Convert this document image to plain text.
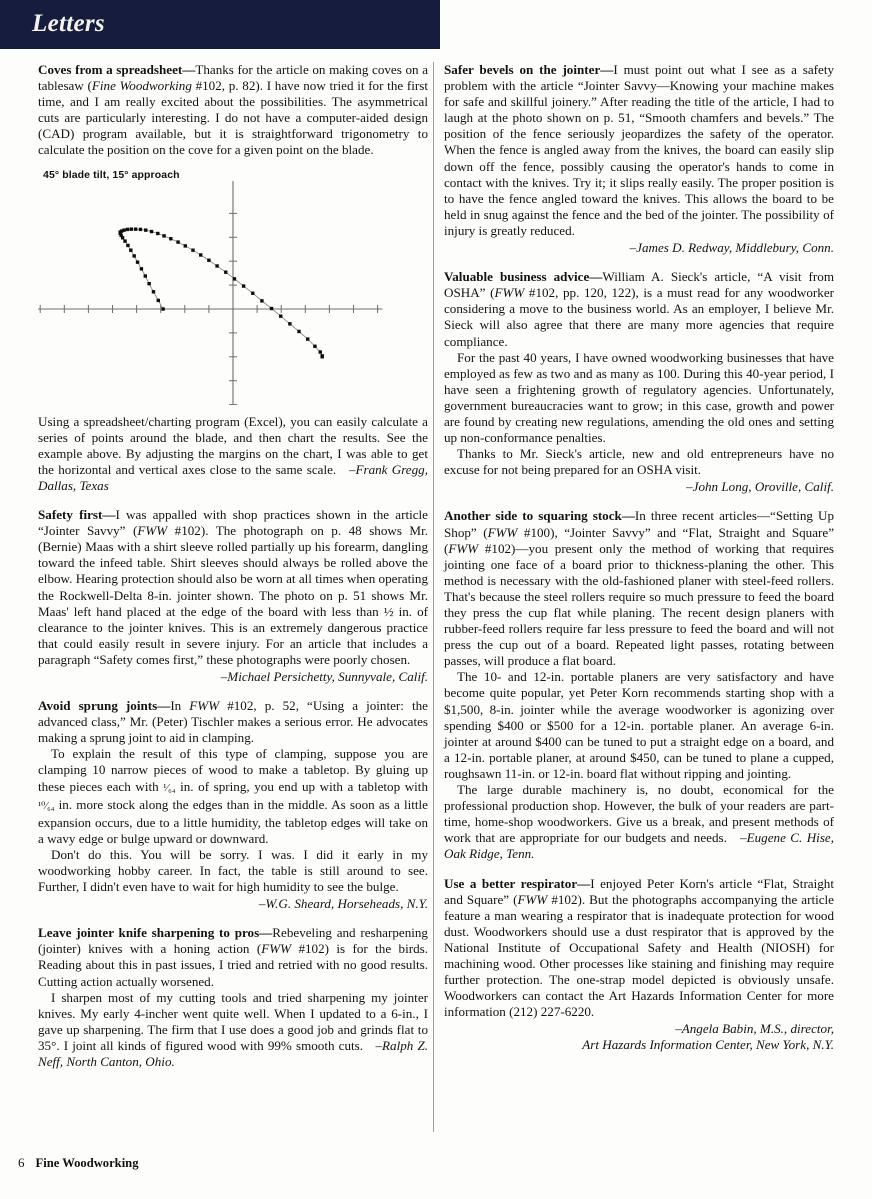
Letters

Coves from a spreadsheet—Thanks for the article on making coves on a tablesaw (Fine Woodworking #102, p. 82). I have now tried it for the first time, and I am really excited about the possibilities. The asymmetrical cuts are particularly interesting. I do not have a computer-aided design (CAD) program available, but it is straightforward trigonometry to calculate the position on the cove for a given point on the blade.

45° blade tilt, 15° approach

Using a spreadsheet/charting program (Excel), you can easily calculate a series of points around the blade, and then chart the results. See the example above. By adjusting the margins on the chart, I was able to get the horizontal and vertical axes close to the same scale.   –Frank Gregg, Dallas, Texas

Safety first—I was appalled with shop practices shown in the article “Jointer Savvy” (FWW #102). The photograph on p. 48 shows Mr. (Bernie) Maas with a shirt sleeve rolled partially up his forearm, dangling toward the infeed table. Shirt sleeves should always be rolled above the elbow. Hearing protection should also be worn at all times when operating the Rockwell-Delta 8-in. jointer shown. The photo on p. 51 shows Mr. Maas' left hand placed at the edge of the board with less than ½ in. of clearance to the jointer knives. This is an extremely dangerous practice that could easily result in severe injury. For an article that includes a paragraph “Safety comes first,” these photographs were poorly chosen.
–Michael Persichetty, Sunnyvale, Calif.

Avoid sprung joints—In FWW #102, p. 52, “Using a jointer: the advanced class,” Mr. (Peter) Tischler makes a serious error. He advocates making a sprung joint to aid in clamping.

To explain the result of this type of clamping, suppose you are clamping 10 narrow pieces of wood to make a tabletop. By gluing up these pieces each with ¹⁄₆₄ in. of spring, you end up with a tabletop with ¹⁰⁄₆₄ in. more stock along the edges than in the middle. As soon as a little expansion occurs, due to a little humidity, the tabletop edges will take on a wavy edge or bulge upward or downward.

Don't do this. You will be sorry. I was. I did it early in my woodworking hobby career. In fact, the table is still around to see. Further, I didn't even have to wait for high humidity to see the bulge.
–W.G. Sheard, Horseheads, N.Y.

Leave jointer knife sharpening to pros—Rebeveling and resharpening (jointer) knives with a honing action (FWW #102) is for the birds. Reading about this in past issues, I tried and retried with no good results. Cutting action actually worsened.

I sharpen most of my cutting tools and tried sharpening my jointer knives. My early 4-incher went quite well. When I updated to a 6-in., I gave up sharpening. The firm that I use does a good job and grinds flat to 35°. I joint all kinds of figured wood with 99% smooth cuts.   –Ralph Z. Neff, North Canton, Ohio.

Safer bevels on the jointer—I must point out what I see as a safety problem with the article “Jointer Savvy—Knowing your machine makes for safe and skillful joinery.” After reading the title of the article, I had to laugh at the photo shown on p. 51, “Smooth chamfers and bevels.” The position of the fence seriously jeopardizes the safety of the operator. When the fence is angled away from the knives, the board can easily slip down off the fence, possibly causing the operator's hands to come in contact with the knives. Try it; it slips really easily. The proper position is to have the fence angled toward the knives. This allows the board to be held in snug against the fence and the bed of the jointer. The possibility of injury is greatly reduced.
–James D. Redway, Middlebury, Conn.

Valuable business advice—William A. Sieck's article, “A visit from OSHA” (FWW #102, pp. 120, 122), is a must read for any woodworker considering a move to the business world. As an employer, I believe Mr. Sieck will also agree that there are many more agencies that require compliance.

For the past 40 years, I have owned woodworking businesses that have employed as few as two and as many as 100. During this 40-year period, I have seen a frightening growth of regulatory agencies. Unfortunately, government bureaucracies want to grow; in this case, growth and power are found by creating new regulations, amending the old ones and setting up non-conformance penalties.

Thanks to Mr. Sieck's article, new and old entrepreneurs have no excuse for not being prepared for an OSHA visit.
–John Long, Oroville, Calif.

Another side to squaring stock—In three recent articles—“Setting Up Shop” (FWW #100), “Jointer Savvy” and “Flat, Straight and Square” (FWW #102)—you present only the method of working that requires jointing one face of a board prior to thickness-planing the other. This method is necessary with the old-fashioned planer with steel-feed rollers. That's because the steel rollers require so much pressure to feed the board they press the cup flat while planing. The recent design planers with rubber-feed rollers require far less pressure to feed the board and will not press the cup out of a board. Repeated light passes, rotating between passes, will produce a flat board.

The 10- and 12-in. portable planers are very satisfactory and have become quite popular, yet Peter Korn recommends starting shop with a $1,500, 8-in. jointer while the average woodworker is agonizing over spending $400 or $500 for a 12-in. portable planer. An average 6-in. jointer at around $400 can be tuned to put a straight edge on a board, and a 12-in. portable planer, at around $450, can be tuned to plane a cupped, roughsawn 11-in. or 12-in. board flat without ripping and jointing.

The large durable machinery is, no doubt, economical for the professional production shop. However, the bulk of your readers are part-time, home-shop woodworkers. Give us a break, and present methods of work that are appropriate for our budgets and needs.   –Eugene C. Hise, Oak Ridge, Tenn.

Use a better respirator—I enjoyed Peter Korn's article “Flat, Straight and Square” (FWW #102). But the photographs accompanying the article feature a man wearing a respirator that is inadequate protection for wood dust. Woodworkers should use a dust respirator that is approved by the National Institute of Occupational Safety and Health (NIOSH) for machining wood. Other processes like staining and finishing may require further protection. The one-strap model depicted is obviously unsafe. Woodworkers can contact the Art Hazards Information Center for more information (212) 227-6220.
–Angela Babin, M.S., director,

Art Hazards Information Center, New York, N.Y.
6 Fine Woodworking
